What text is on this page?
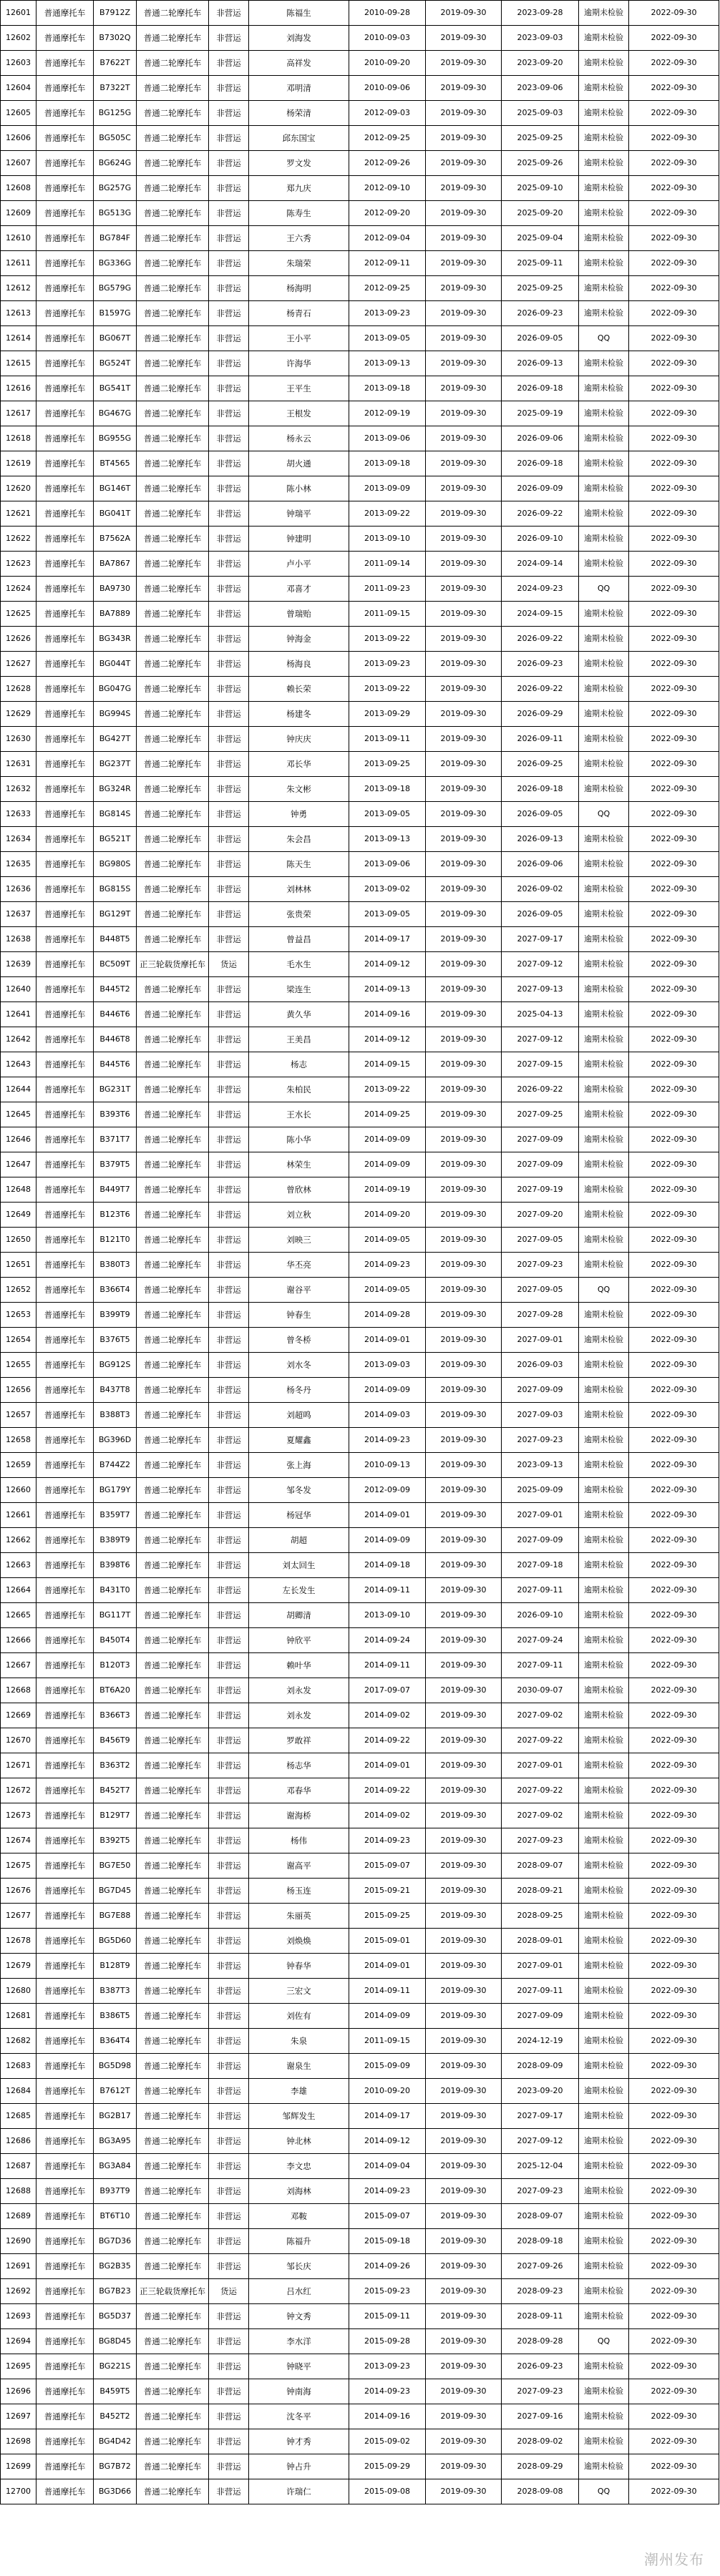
12601	普通摩托车	B7912Z	普通二轮摩托车	非营运	陈福生	2010-09-28	2019-09-30	2023-09-28	逾期未检验	2022-09-30
12602	普通摩托车	B7302Q	普通二轮摩托车	非营运	刘海发	2010-09-03	2019-09-30	2023-09-03	逾期未检验	2022-09-30
12603	普通摩托车	B7622T	普通二轮摩托车	非营运	高祥发	2010-09-20	2019-09-30	2023-09-20	逾期未检验	2022-09-30
12604	普通摩托车	B7322T	普通二轮摩托车	非营运	邓明清	2010-09-06	2019-09-30	2023-09-06	逾期未检验	2022-09-30
12605	普通摩托车	BG125G	普通二轮摩托车	非营运	杨荣清	2012-09-03	2019-09-30	2025-09-03	逾期未检验	2022-09-30
12606	普通摩托车	BG505C	普通二轮摩托车	非营运	邱东国宝	2012-09-25	2019-09-30	2025-09-25	逾期未检验	2022-09-30
12607	普通摩托车	BG624G	普通二轮摩托车	非营运	罗文发	2012-09-26	2019-09-30	2025-09-26	逾期未检验	2022-09-30
12608	普通摩托车	BG257G	普通二轮摩托车	非营运	郑九庆	2012-09-10	2019-09-30	2025-09-10	逾期未检验	2022-09-30
12609	普通摩托车	BG513G	普通二轮摩托车	非营运	陈寿生	2012-09-20	2019-09-30	2025-09-20	逾期未检验	2022-09-30
12610	普通摩托车	BG784F	普通二轮摩托车	非营运	王六秀	2012-09-04	2019-09-30	2025-09-04	逾期未检验	2022-09-30
12611	普通摩托车	BG336G	普通二轮摩托车	非营运	朱瑞荣	2012-09-11	2019-09-30	2025-09-11	逾期未检验	2022-09-30
12612	普通摩托车	BG579G	普通二轮摩托车	非营运	杨海明	2012-09-25	2019-09-30	2025-09-25	逾期未检验	2022-09-30
12613	普通摩托车	B1597G	普通二轮摩托车	非营运	杨青石	2013-09-23	2019-09-30	2026-09-23	逾期未检验	2022-09-30
12614	普通摩托车	BG067T	普通二轮摩托车	非营运	王小平	2013-09-05	2019-09-30	2026-09-05	QQ	2022-09-30
12615	普通摩托车	BG524T	普通二轮摩托车	非营运	许海华	2013-09-13	2019-09-30	2026-09-13	逾期未检验	2022-09-30
12616	普通摩托车	BG541T	普通二轮摩托车	非营运	王平生	2013-09-18	2019-09-30	2026-09-18	逾期未检验	2022-09-30
12617	普通摩托车	BG467G	普通二轮摩托车	非营运	王根发	2012-09-19	2019-09-30	2025-09-19	逾期未检验	2022-09-30
12618	普通摩托车	BG955G	普通二轮摩托车	非营运	杨永云	2013-09-06	2019-09-30	2026-09-06	逾期未检验	2022-09-30
12619	普通摩托车	BT4565	普通二轮摩托车	非营运	胡火通	2013-09-18	2019-09-30	2026-09-18	逾期未检验	2022-09-30
12620	普通摩托车	BG146T	普通二轮摩托车	非营运	陈小林	2013-09-09	2019-09-30	2026-09-09	逾期未检验	2022-09-30
12621	普通摩托车	BG041T	普通二轮摩托车	非营运	钟瑞平	2013-09-22	2019-09-30	2026-09-22	逾期未检验	2022-09-30
12622	普通摩托车	B7562A	普通二轮摩托车	非营运	钟建明	2013-09-10	2019-09-30	2026-09-10	逾期未检验	2022-09-30
12623	普通摩托车	BA7867	普通二轮摩托车	非营运	卢小平	2011-09-14	2019-09-30	2024-09-14	逾期未检验	2022-09-30
12624	普通摩托车	BA9730	普通二轮摩托车	非营运	邓喜才	2011-09-23	2019-09-30	2024-09-23	QQ	2022-09-30
12625	普通摩托车	BA7889	普通二轮摩托车	非营运	曾瑞贻	2011-09-15	2019-09-30	2024-09-15	逾期未检验	2022-09-30
12626	普通摩托车	BG343R	普通二轮摩托车	非营运	钟海金	2013-09-22	2019-09-30	2026-09-22	逾期未检验	2022-09-30
12627	普通摩托车	BG044T	普通二轮摩托车	非营运	杨海良	2013-09-23	2019-09-30	2026-09-23	逾期未检验	2022-09-30
12628	普通摩托车	BG047G	普通二轮摩托车	非营运	赖长荣	2013-09-22	2019-09-30	2026-09-22	逾期未检验	2022-09-30
12629	普通摩托车	BG994S	普通二轮摩托车	非营运	杨建冬	2013-09-29	2019-09-30	2026-09-29	逾期未检验	2022-09-30
12630	普通摩托车	BG427T	普通二轮摩托车	非营运	钟庆庆	2013-09-11	2019-09-30	2026-09-11	逾期未检验	2022-09-30
12631	普通摩托车	BG237T	普通二轮摩托车	非营运	邓长华	2013-09-25	2019-09-30	2026-09-25	逾期未检验	2022-09-30
12632	普通摩托车	BG324R	普通二轮摩托车	非营运	朱文彬	2013-09-18	2019-09-30	2026-09-18	逾期未检验	2022-09-30
12633	普通摩托车	BG814S	普通二轮摩托车	非营运	钟勇	2013-09-05	2019-09-30	2026-09-05	QQ	2022-09-30
12634	普通摩托车	BG521T	普通二轮摩托车	非营运	朱会昌	2013-09-13	2019-09-30	2026-09-13	逾期未检验	2022-09-30
12635	普通摩托车	BG980S	普通二轮摩托车	非营运	陈天生	2013-09-06	2019-09-30	2026-09-06	逾期未检验	2022-09-30
12636	普通摩托车	BG815S	普通二轮摩托车	非营运	刘林林	2013-09-02	2019-09-30	2026-09-02	逾期未检验	2022-09-30
12637	普通摩托车	BG129T	普通二轮摩托车	非营运	张贵荣	2013-09-05	2019-09-30	2026-09-05	逾期未检验	2022-09-30
12638	普通摩托车	B448T5	普通二轮摩托车	非营运	曾益昌	2014-09-17	2019-09-30	2027-09-17	逾期未检验	2022-09-30
12639	普通摩托车	BC509T	正三轮载货摩托车	货运	毛水生	2014-09-12	2019-09-30	2027-09-12	逾期未检验	2022-09-30
12640	普通摩托车	B445T2	普通二轮摩托车	非营运	梁连生	2014-09-13	2019-09-30	2027-09-13	逾期未检验	2022-09-30
12641	普通摩托车	B446T6	普通二轮摩托车	非营运	黄久华	2014-09-16	2019-09-30	2025-04-13	逾期未检验	2022-09-30
12642	普通摩托车	B446T8	普通二轮摩托车	非营运	王美昌	2014-09-12	2019-09-30	2027-09-12	逾期未检验	2022-09-30
12643	普通摩托车	B445T6	普通二轮摩托车	非营运	杨志	2014-09-15	2019-09-30	2027-09-15	逾期未检验	2022-09-30
12644	普通摩托车	BG231T	普通二轮摩托车	非营运	朱柏民	2013-09-22	2019-09-30	2026-09-22	逾期未检验	2022-09-30
12645	普通摩托车	B393T6	普通二轮摩托车	非营运	王水长	2014-09-25	2019-09-30	2027-09-25	逾期未检验	2022-09-30
12646	普通摩托车	B371T7	普通二轮摩托车	非营运	陈小华	2014-09-09	2019-09-30	2027-09-09	逾期未检验	2022-09-30
12647	普通摩托车	B379T5	普通二轮摩托车	非营运	林荣生	2014-09-09	2019-09-30	2027-09-09	逾期未检验	2022-09-30
12648	普通摩托车	B449T7	普通二轮摩托车	非营运	曾欣林	2014-09-19	2019-09-30	2027-09-19	逾期未检验	2022-09-30
12649	普通摩托车	B123T6	普通二轮摩托车	非营运	刘立秋	2014-09-20	2019-09-30	2027-09-20	逾期未检验	2022-09-30
12650	普通摩托车	B121T0	普通二轮摩托车	非营运	刘映三	2014-09-05	2019-09-30	2027-09-05	逾期未检验	2022-09-30
12651	普通摩托车	B380T3	普通二轮摩托车	非营运	华丕亮	2014-09-23	2019-09-30	2027-09-23	逾期未检验	2022-09-30
12652	普通摩托车	B366T4	普通二轮摩托车	非营运	谢谷平	2014-09-05	2019-09-30	2027-09-05	QQ	2022-09-30
12653	普通摩托车	B399T9	普通二轮摩托车	非营运	钟春生	2014-09-28	2019-09-30	2027-09-28	逾期未检验	2022-09-30
12654	普通摩托车	B376T5	普通二轮摩托车	非营运	曾冬桥	2014-09-01	2019-09-30	2027-09-01	逾期未检验	2022-09-30
12655	普通摩托车	BG912S	普通二轮摩托车	非营运	刘水冬	2013-09-03	2019-09-30	2026-09-03	逾期未检验	2022-09-30
12656	普通摩托车	B437T8	普通二轮摩托车	非营运	杨冬丹	2014-09-09	2019-09-30	2027-09-09	逾期未检验	2022-09-30
12657	普通摩托车	B388T3	普通二轮摩托车	非营运	刘超鸣	2014-09-03	2019-09-30	2027-09-03	逾期未检验	2022-09-30
12658	普通摩托车	BG396D	普通二轮摩托车	非营运	夏耀鑫	2014-09-23	2019-09-30	2027-09-23	逾期未检验	2022-09-30
12659	普通摩托车	B744Z2	普通二轮摩托车	非营运	张上海	2010-09-13	2019-09-30	2023-09-13	逾期未检验	2022-09-30
12660	普通摩托车	BG179Y	普通二轮摩托车	非营运	邹冬发	2012-09-09	2019-09-30	2025-09-09	逾期未检验	2022-09-30
12661	普通摩托车	B359T7	普通二轮摩托车	非营运	杨冠华	2014-09-01	2019-09-30	2027-09-01	逾期未检验	2022-09-30
12662	普通摩托车	B389T9	普通二轮摩托车	非营运	胡超	2014-09-09	2019-09-30	2027-09-09	逾期未检验	2022-09-30
12663	普通摩托车	B398T6	普通二轮摩托车	非营运	刘太回生	2014-09-18	2019-09-30	2027-09-18	逾期未检验	2022-09-30
12664	普通摩托车	B431T0	普通二轮摩托车	非营运	左长发生	2014-09-11	2019-09-30	2027-09-11	逾期未检验	2022-09-30
12665	普通摩托车	BG117T	普通二轮摩托车	非营运	胡卿清	2013-09-10	2019-09-30	2026-09-10	逾期未检验	2022-09-30
12666	普通摩托车	B450T4	普通二轮摩托车	非营运	钟欣平	2014-09-24	2019-09-30	2027-09-24	逾期未检验	2022-09-30
12667	普通摩托车	B120T3	普通二轮摩托车	非营运	赖叶华	2014-09-11	2019-09-30	2027-09-11	逾期未检验	2022-09-30
12668	普通摩托车	BT6A20	普通二轮摩托车	非营运	刘永发	2017-09-07	2019-09-30	2030-09-07	逾期未检验	2022-09-30
12669	普通摩托车	B366T3	普通二轮摩托车	非营运	刘永发	2014-09-02	2019-09-30	2027-09-02	逾期未检验	2022-09-30
12670	普通摩托车	B456T9	普通二轮摩托车	非营运	罗敢祥	2014-09-22	2019-09-30	2027-09-22	逾期未检验	2022-09-30
12671	普通摩托车	B363T2	普通二轮摩托车	非营运	杨志华	2014-09-01	2019-09-30	2027-09-01	逾期未检验	2022-09-30
12672	普通摩托车	B452T7	普通二轮摩托车	非营运	邓春华	2014-09-22	2019-09-30	2027-09-22	逾期未检验	2022-09-30
12673	普通摩托车	B129T7	普通二轮摩托车	非营运	谢海桥	2014-09-02	2019-09-30	2027-09-02	逾期未检验	2022-09-30
12674	普通摩托车	B392T5	普通二轮摩托车	非营运	杨伟	2014-09-23	2019-09-30	2027-09-23	逾期未检验	2022-09-30
12675	普通摩托车	BG7E50	普通二轮摩托车	非营运	谢高平	2015-09-07	2019-09-30	2028-09-07	逾期未检验	2022-09-30
12676	普通摩托车	BG7D45	普通二轮摩托车	非营运	杨玉连	2015-09-21	2019-09-30	2028-09-21	逾期未检验	2022-09-30
12677	普通摩托车	BG7E88	普通二轮摩托车	非营运	朱丽英	2015-09-25	2019-09-30	2028-09-25	逾期未检验	2022-09-30
12678	普通摩托车	BG5D60	普通二轮摩托车	非营运	刘焕焕	2015-09-01	2019-09-30	2028-09-01	逾期未检验	2022-09-30
12679	普通摩托车	B128T9	普通二轮摩托车	非营运	钟春华	2014-09-01	2019-09-30	2027-09-01	逾期未检验	2022-09-30
12680	普通摩托车	B387T3	普通二轮摩托车	非营运	三宏文	2014-09-11	2019-09-30	2027-09-11	逾期未检验	2022-09-30
12681	普通摩托车	B386T5	普通二轮摩托车	非营运	刘佐有	2014-09-09	2019-09-30	2027-09-09	逾期未检验	2022-09-30
12682	普通摩托车	B364T4	普通二轮摩托车	非营运	朱泉	2011-09-15	2019-09-30	2024-12-19	逾期未检验	2022-09-30
12683	普通摩托车	BG5D98	普通二轮摩托车	非营运	谢泉生	2015-09-09	2019-09-30	2028-09-09	逾期未检验	2022-09-30
12684	普通摩托车	B7612T	普通二轮摩托车	非营运	李雄	2010-09-20	2019-09-30	2023-09-20	逾期未检验	2022-09-30
12685	普通摩托车	BG2B17	普通二轮摩托车	非营运	邹辉发生	2014-09-17	2019-09-30	2027-09-17	逾期未检验	2022-09-30
12686	普通摩托车	BG3A95	普通二轮摩托车	非营运	钟北林	2014-09-12	2019-09-30	2027-09-12	逾期未检验	2022-09-30
12687	普通摩托车	BG3A84	普通二轮摩托车	非营运	李文忠	2014-09-04	2019-09-30	2025-12-04	逾期未检验	2022-09-30
12688	普通摩托车	B937T9	普通二轮摩托车	非营运	刘海林	2014-09-23	2019-09-30	2027-09-23	逾期未检验	2022-09-30
12689	普通摩托车	BT6T10	普通二轮摩托车	非营运	邓鞍	2015-09-07	2019-09-30	2028-09-07	逾期未检验	2022-09-30
12690	普通摩托车	BG7D36	普通二轮摩托车	非营运	陈福升	2015-09-18	2019-09-30	2028-09-18	逾期未检验	2022-09-30
12691	普通摩托车	BG2B35	普通二轮摩托车	非营运	邹长庆	2014-09-26	2019-09-30	2027-09-26	逾期未检验	2022-09-30
12692	普通摩托车	BG7B23	正三轮载货摩托车	货运	吕水红	2015-09-23	2019-09-30	2028-09-23	逾期未检验	2022-09-30
12693	普通摩托车	BG5D37	普通二轮摩托车	非营运	钟文秀	2015-09-11	2019-09-30	2028-09-11	逾期未检验	2022-09-30
12694	普通摩托车	BG8D45	普通二轮摩托车	非营运	李水洋	2015-09-28	2019-09-30	2028-09-28	QQ	2022-09-30
12695	普通摩托车	BG221S	普通二轮摩托车	非营运	钟晓平	2013-09-23	2019-09-30	2026-09-23	逾期未检验	2022-09-30
12696	普通摩托车	B459T5	普通二轮摩托车	非营运	钟南海	2014-09-23	2019-09-30	2027-09-23	逾期未检验	2022-09-30
12697	普通摩托车	B452T2	普通二轮摩托车	非营运	沈冬平	2014-09-16	2019-09-30	2027-09-16	逾期未检验	2022-09-30
12698	普通摩托车	BG4D42	普通二轮摩托车	非营运	钟才秀	2015-09-02	2019-09-30	2028-09-02	逾期未检验	2022-09-30
12699	普通摩托车	BG7B72	普通二轮摩托车	非营运	钟占升	2015-09-29	2019-09-30	2028-09-29	逾期未检验	2022-09-30
12700	普通摩托车	BG3D66	普通二轮摩托车	非营运	许瑞仁	2015-09-08	2019-09-30	2028-09-08	QQ	2022-09-30
潮州发布
